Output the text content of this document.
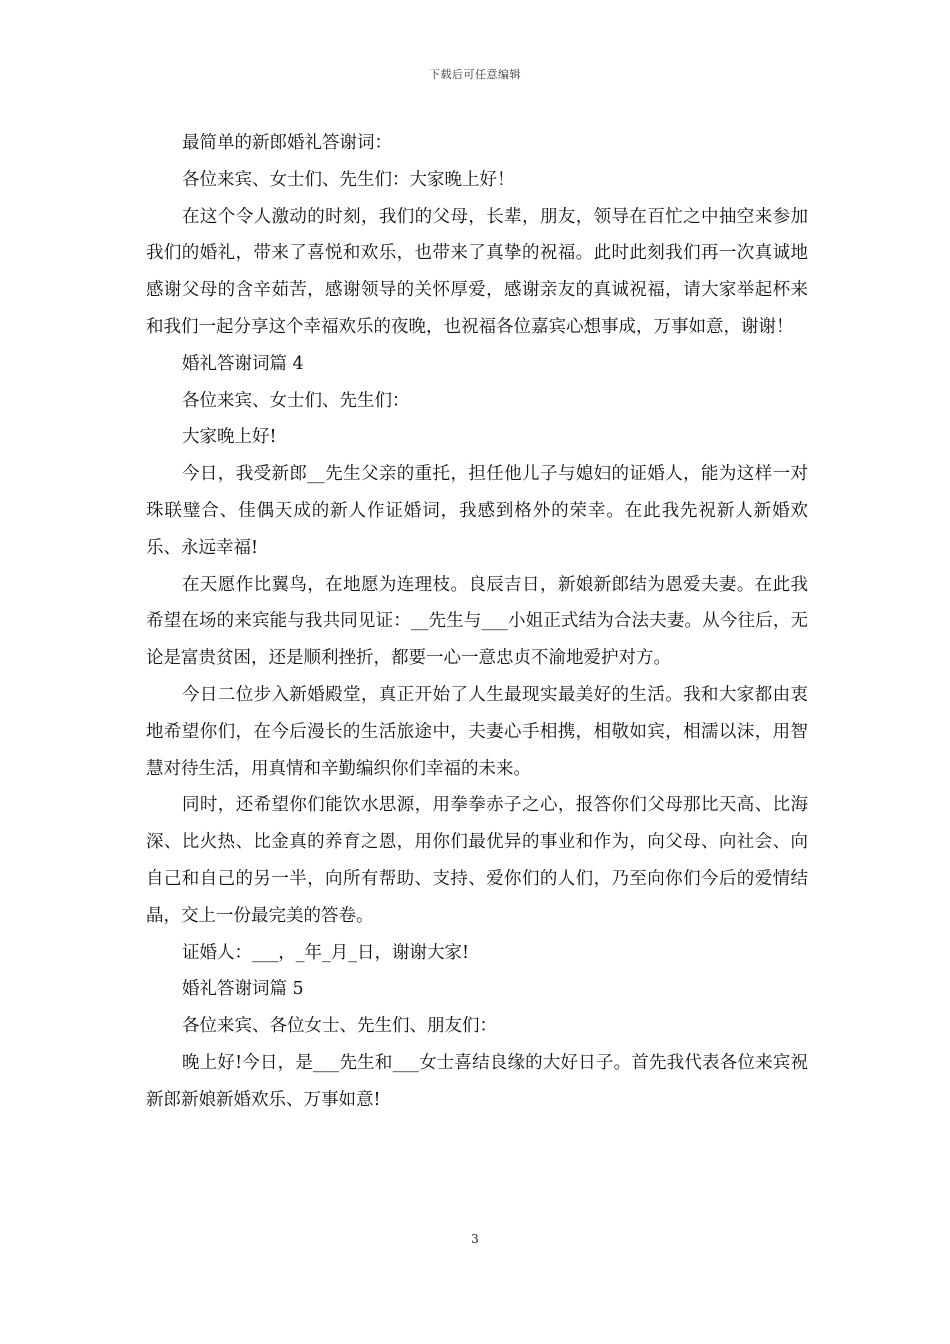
下载后可任意编辑

最简单的新郎婚礼答谢词：

各位来宾、女士们、先生们：大家晚上好！

在这个令人激动的时刻，我们的父母，长辈，朋友，领导在百忙之中抽空来参加我们的婚礼，带来了喜悦和欢乐，也带来了真挚的祝福。此时此刻我们再一次真诚地感谢父母的含辛茹苦，感谢领导的关怀厚爱，感谢亲友的真诚祝福，请大家举起杯来和我们一起分享这个幸福欢乐的夜晚，也祝福各位嘉宾心想事成，万事如意，谢谢！

婚礼答谢词篇 4

各位来宾、女士们、先生们：

大家晚上好!

今日，我受新郎__先生父亲的重托，担任他儿子与媳妇的证婚人，能为这样一对珠联璧合、佳偶天成的新人作证婚词，我感到格外的荣幸。在此我先祝新人新婚欢乐、永远幸福!

在天愿作比翼鸟，在地愿为连理枝。良辰吉日，新娘新郎结为恩爱夫妻。在此我希望在场的来宾能与我共同见证：__先生与___小姐正式结为合法夫妻。从今往后，无论是富贵贫困，还是顺利挫折，都要一心一意忠贞不渝地爱护对方。

今日二位步入新婚殿堂，真正开始了人生最现实最美好的生活。我和大家都由衷地希望你们，在今后漫长的生活旅途中，夫妻心手相携，相敬如宾，相濡以沫，用智慧对待生活，用真情和辛勤编织你们幸福的未来。

同时，还希望你们能饮水思源，用拳拳赤子之心，报答你们父母那比天高、比海深、比火热、比金真的养育之恩，用你们最优异的事业和作为，向父母、向社会、向自己和自己的另一半，向所有帮助、支持、爱你们的人们，乃至向你们今后的爱情结晶，交上一份最完美的答卷。

证婚人：___，_年_月_日，谢谢大家!

婚礼答谢词篇 5

各位来宾、各位女士、先生们、朋友们：

晚上好!今日，是___先生和___女士喜结良缘的大好日子。首先我代表各位来宾祝新郎新娘新婚欢乐、万事如意!

3
